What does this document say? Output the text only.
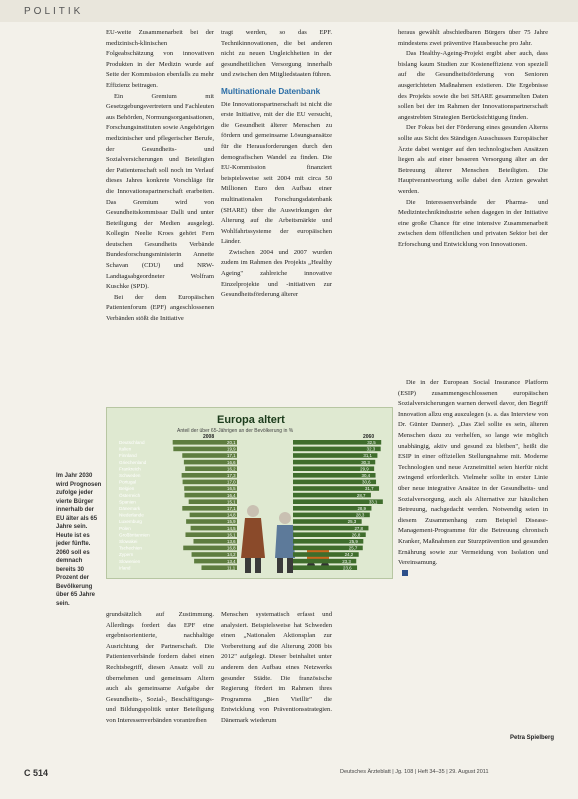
POLITIK

EU-weite Zusammenarbeit bei der medizinisch-klinischen Folgeabschätzung von innovativen Produkten in der Medizin wurde auf Seite der Kommission ebenfalls zu mehr Effizienz beitragen.

Ein Gremium mit Gesetzgebungsvertretern und Fachleuten aus Behörden, Normungsorganisationen, Forschungsinstituten sowie Angehörigen medizinischer und pflegerischer Berufe, der Gesundheits- und Sozialversicherungen und Beteiligten der Patientenschaft soll noch im Verlauf dieses Jahres konkrete Vorschläge für die Innovationspartnerschaft erarbeiten. Das Gremium wird von Gesundheitskommissar Dalli und unter Beteiligung der Medien ausgelegt. Kollegin Neelie Kroes gehört Fern deutschen Gesundheits Verbände Bundesforschungsministerin Annette Schavan (CDU) und NRW-Landtagsabgeordneter Wolfram Kuschke (SPD).

Bei der dem Europäischen Patientenforum (EPF) angeschlossenen Verbänden stößt die Initiative

tragt werden, so das EPF. Technikinnovationen, die bei anderen nicht zu neuen Ungleichheiten in der gesundheitlichen Versorgung innerhalb und zwischen den Mitgliedstaaten führen.

Multinationale Datenbank

Die Innovationspartnerschaft ist nicht die erste Initiative, mit der die EU versucht, die Gesundheit älterer Menschen zu fördern und gemeinsame Lösungsansätze für die Herausforderungen durch den demografischen Wandel zu finden. Die EU-Kommission finanziert beispielsweise seit 2004 mit circa 50 Millionen Euro den Aufbau einer multinationalen Forschungsdatenbank (SHARE) über die Auswirkungen der Alterung auf die Arbeitsmärkte und Wohlfahrtssysteme der europäischen Länder.

Zwischen 2004 und 2007 wurden zudem im Rahmen des Projekts „Healthy Ageing" zahlreiche innovative Einzelprojekte und -initiativen zur Gesundheitsförderung älterer

heraus gewählt abschiedbaren Bürgers über 75 Jahre mindestens zwei präventive Hausbesuche pro Jahr.

Das Healthy-Ageing-Projekt ergibt aber auch, dass bislang kaum Studien zur Kosteneffizienz von speziell auf die Gesundheitsförderung von Senioren ausgerichteten Maßnahmen existieren. Die Ergebnisse des Projekts sowie die bei SHARE gesammelten Daten sollen bei der im Rahmen der Innovationspartnerschaft angestrebten Strategien Berücksichtigung finden.

Der Fokus bei der Förderung eines gesunden Alterns sollte aus Sicht des Ständigen Ausschusses Europäischer Ärzte dabei weniger auf den technologischen Ansätzen liegen als auf einer besseren Versorgung älter an der Betreuung älterer Menschen Beteiligten. Die Hauptverantwortung solle dabei den Ärzten gewahrt werden.

Die Interessenverbände der Pharma- und Medizintechnikindustrie sehen dagegen in der Initiative eine große Chance für eine intensive Zusammenarbeit zwischen dem öffentlichen und privaten Sektor bei der Erforschung und Entwicklung von Innovationen.

Die in der European Social Insurance Platform (ESIP) zusammengeschlossenen europäischen Sozialversicherungen warnen derweil davor, den Begriff Innovation allzu eng auszulegen (s. a. das Interview von Dr. Günter Danner). „Das Ziel sollte es sein, älteren Menschen dazu zu verhelfen, so lange wie möglich unabhängig, aktiv und gesund zu bleiben", heißt die ESIP in einer offiziellen Stellungnahme mit. Moderne Technologien und neue Arzneimittel seien hierfür nicht zwingend erforderlich. Vielmehr sollte in erster Linie über neue integrative Ansätze in der Gesundheits- und Sozialversorgung, auch als Alternative zur häuslichen Betreuung, nachgedacht werden. Notwendig seien in diesem Zusammenhang zum Beispiel Disease-Management-Programme für die Betreuung chronisch Kranker, Maßnahmen zur Sturzprävention und gesunden Ernährung sowie zur Vermeidung von Isolation und Vereinsamung.

Im Jahr 2030 wird Prognosen zufolge jeder vierte Bürger innerhalb der EU älter als 65 Jahre sein. Heute ist es jeder fünfte. 2060 soll es demnach bereits 30 Prozent der Bevölkerung über 65 Jahre sein.
Europa altert
Anteil der über 65-Jährigen an der Bevölkerung in %
2008	2060
Deutschland	20,1	32,5
Italien	19,9	32,3
Finnland	17,1	31,1
Griechenland	16,6	30,3
Frankreich	16,2	29,9
Schweden	17,3	30,4
Portugal	17,0	30,6
Belgien	16,5	31,7
Österreich	16,4	28,7
Spanien	15,1	33,1
Dänemark	17,1	28,9
Niederlande	14,8	28,3
Luxemburg	15,9	25,3
Polen	14,5	27,8
Großbritannien	16,1	26,8
Slowakei	13,6	25,9
Tschechien	16,8	25,7
Zypern	14,2	24,2
Slowenien	13,4	23,3
Irland	11,1	23,6

grundsätzlich auf Zustimmung. Allerdings fordert das EPF eine ergebnisorientierte, nachhaltige Ausrichtung der Partnerschaft. Die Patientenverbände fordern dabei einen Rechtsbegriff, diesen Ansatz voll zu übernehmen und gemeinsam Altern auch als gemeinsame Aufgabe der Gesundheits-, Sozial-, Beschäftigungs- und Bildungspolitik unter Beteiligung von Interessenverbänden vorantreiben

Menschen systematisch erfasst und analysiert. Beispielsweise hat Schweden einen „Nationalen Aktionsplan zur Vorbereitung auf die Alterung 2008 bis 2012" aufgelegt. Dieser beinhaltet unter anderem den Aufbau eines Netzwerks gesunder Städte. Die französische Regierung fördert im Rahmen ihres Programms „Bien Vieillir" die Entwicklung von Präventionsstrategien. Dänemark wiederum

Petra Spielberg
C 514	Deutsches Ärzteblatt | Jg. 108 | Heft 34–35 | 29. August 2011
